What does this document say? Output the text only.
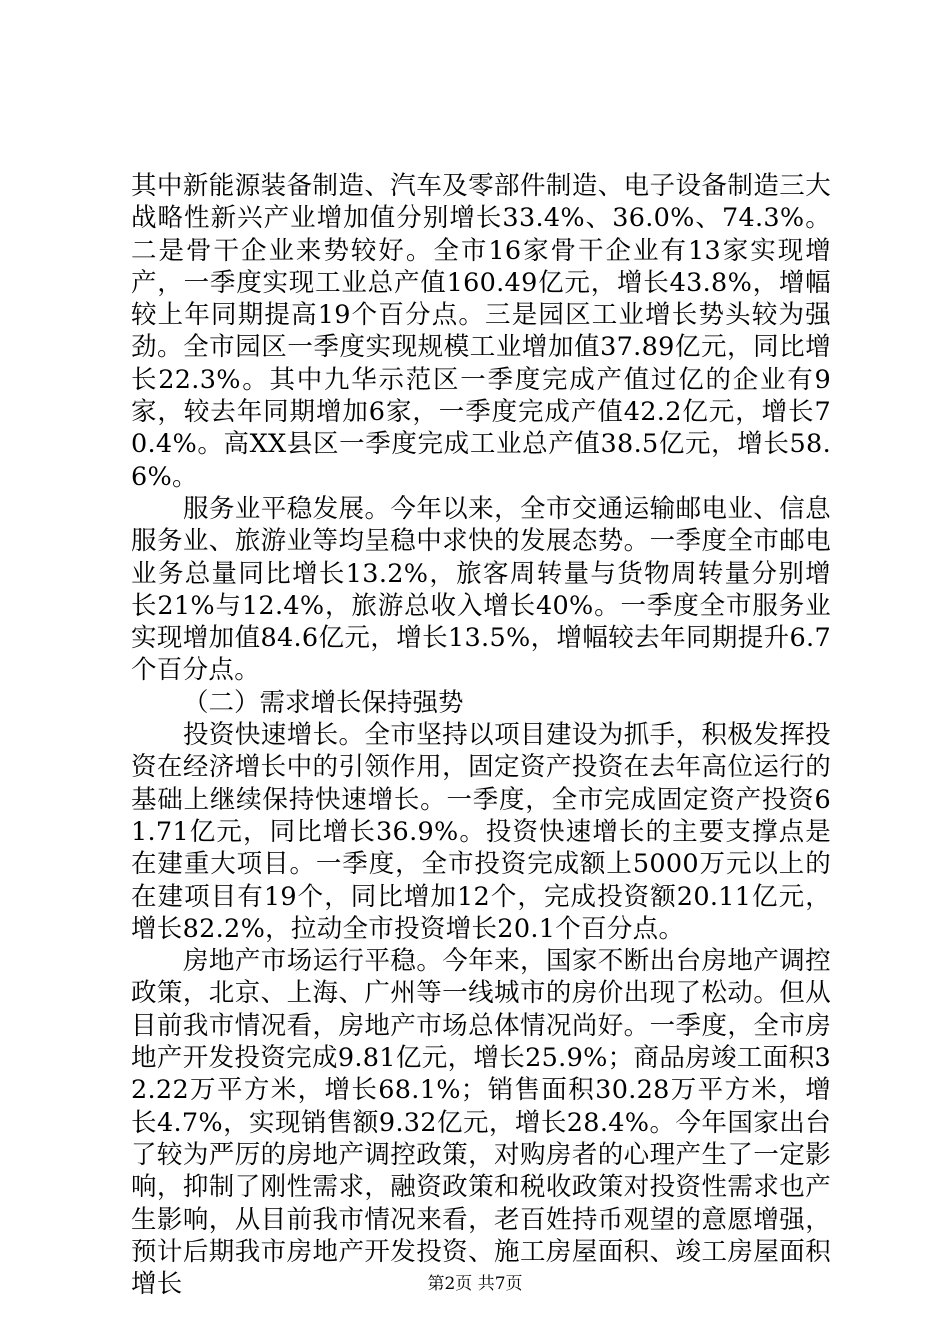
其中新能源装备制造、汽车及零部件制造、电子设备制造三大战略性新兴产业增加值分别增长33.4%、36.0%、74.3%。二是骨干企业来势较好。全市16家骨干企业有13家实现增产，一季度实现工业总产值160.49亿元，增长43.8%，增幅较上年同期提高19个百分点。三是园区工业增长势头较为强劲。全市园区一季度实现规模工业增加值37.89亿元，同比增长22.3%。其中九华示范区一季度完成产值过亿的企业有9家，较去年同期增加6家，一季度完成产值42.2亿元，增长70.4%。高XX县区一季度完成工业总产值38.5亿元，增长58.6%。

服务业平稳发展。今年以来，全市交通运输邮电业、信息服务业、旅游业等均呈稳中求快的发展态势。一季度全市邮电业务总量同比增长13.2%，旅客周转量与货物周转量分别增长21%与12.4%，旅游总收入增长40%。一季度全市服务业实现增加值84.6亿元，增长13.5%，增幅较去年同期提升6.7个百分点。

（二）需求增长保持强势

投资快速增长。全市坚持以项目建设为抓手，积极发挥投资在经济增长中的引领作用，固定资产投资在去年高位运行的基础上继续保持快速增长。一季度，全市完成固定资产投资61.71亿元，同比增长36.9%。投资快速增长的主要支撑点是在建重大项目。一季度，全市投资完成额上5000万元以上的在建项目有19个，同比增加12个，完成投资额20.11亿元，增长82.2%，拉动全市投资增长20.1个百分点。

房地产市场运行平稳。今年来，国家不断出台房地产调控政策，北京、上海、广州等一线城市的房价出现了松动。但从目前我市情况看，房地产市场总体情况尚好。一季度，全市房地产开发投资完成9.81亿元，增长25.9%；商品房竣工面积32.22万平方米，增长68.1%；销售面积30.28万平方米，增长4.7%，实现销售额9.32亿元，增长28.4%。今年国家出台了较为严厉的房地产调控政策，对购房者的心理产生了一定影响，抑制了刚性需求，融资政策和税收政策对投资性需求也产生影响，从目前我市情况来看，老百姓持币观望的意愿增强，预计后期我市房地产开发投资、施工房屋面积、竣工房屋面积增长	第2页 共7页
